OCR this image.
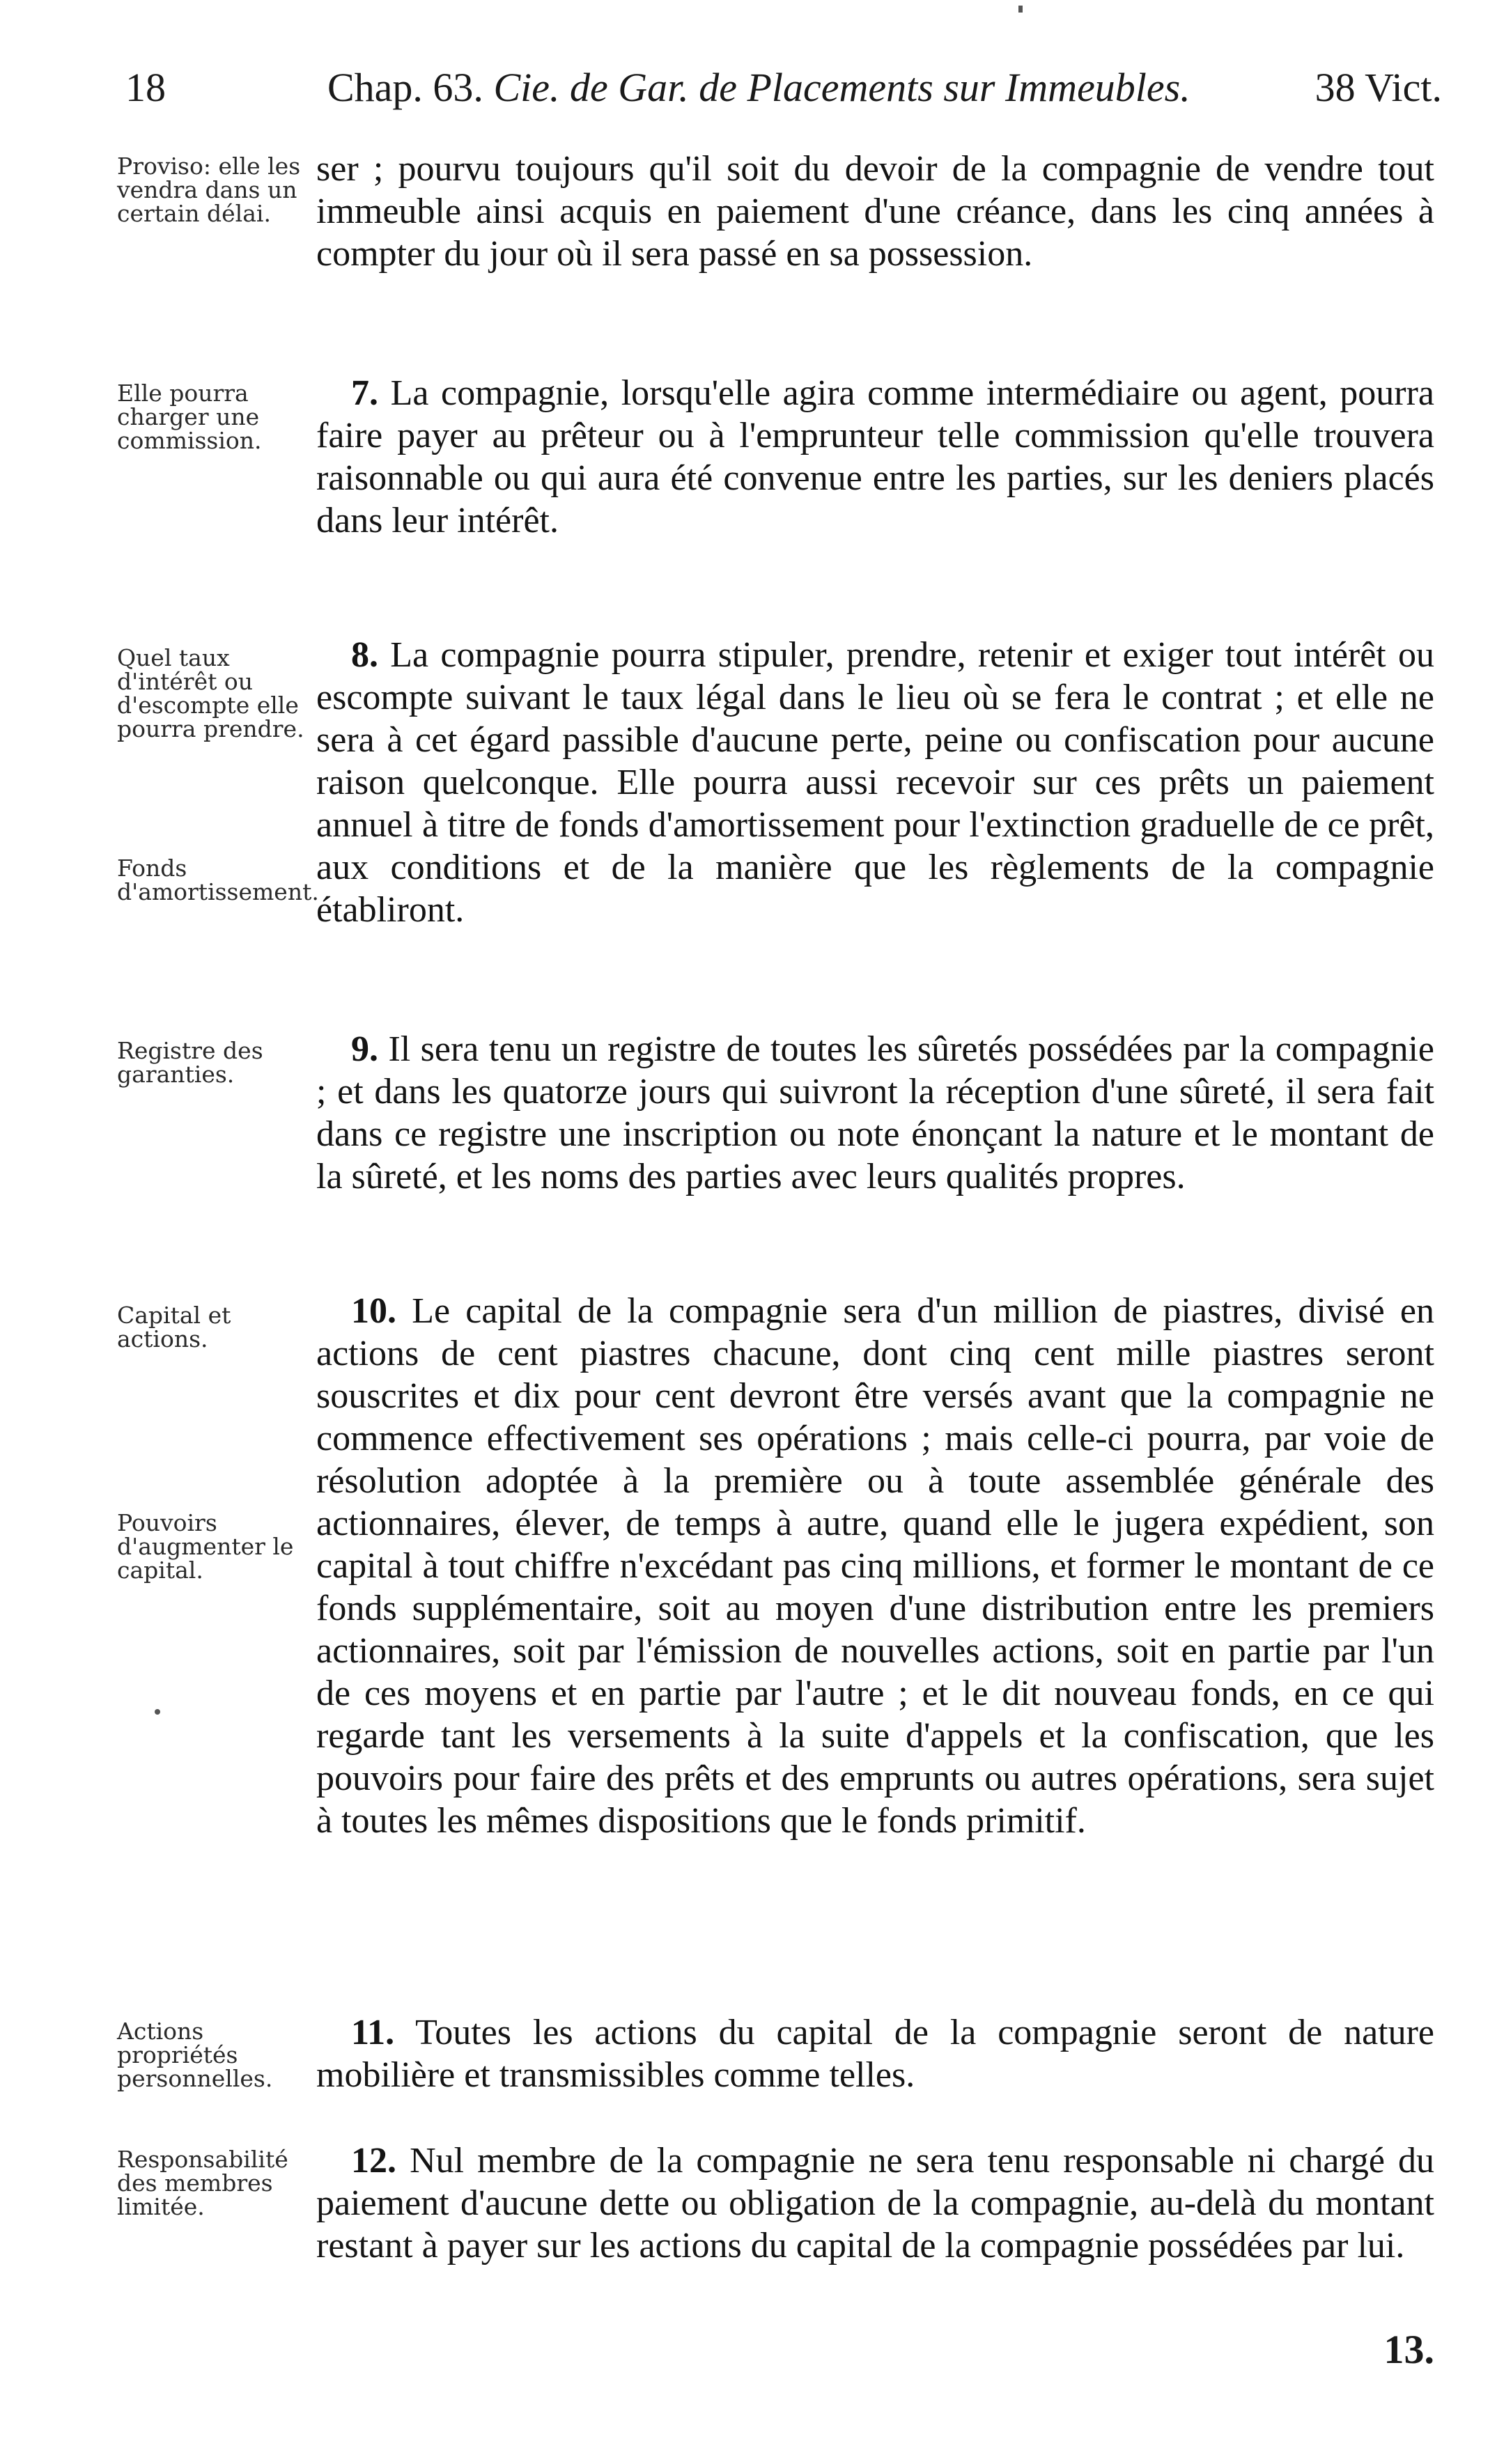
18	Chap. 63. Cie. de Gar. de Placements sur Immeubles.	38 Vict.
Proviso: elle les vendra dans un certain délai.
ser ; pourvu toujours qu'il soit du devoir de la compagnie de vendre tout immeuble ainsi acquis en paiement d'une créance, dans les cinq années à compter du jour où il sera passé en sa possession.
Elle pourra charger une commission.
7. La compagnie, lorsqu'elle agira comme intermédiaire ou agent, pourra faire payer au prêteur ou à l'emprunteur telle commission qu'elle trouvera raisonnable ou qui aura été convenue entre les parties, sur les deniers placés dans leur intérêt.
Quel taux d'intérêt ou d'escompte elle pourra prendre.
Fonds d'amortissement.
8. La compagnie pourra stipuler, prendre, retenir et exiger tout intérêt ou escompte suivant le taux légal dans le lieu où se fera le contrat ; et elle ne sera à cet égard passible d'aucune perte, peine ou confiscation pour aucune raison quelconque. Elle pourra aussi recevoir sur ces prêts un paiement annuel à titre de fonds d'amortissement pour l'extinction graduelle de ce prêt, aux conditions et de la manière que les règlements de la compagnie établiront.
Registre des garanties.
9. Il sera tenu un registre de toutes les sûretés possédées par la compagnie ; et dans les quatorze jours qui suivront la réception d'une sûreté, il sera fait dans ce registre une inscription ou note énonçant la nature et le montant de la sûreté, et les noms des parties avec leurs qualités propres.
Capital et actions.
Pouvoirs d'augmenter le capital.
10. Le capital de la compagnie sera d'un million de piastres, divisé en actions de cent piastres chacune, dont cinq cent mille piastres seront souscrites et dix pour cent devront être versés avant que la compagnie ne commence effectivement ses opérations ; mais celle-ci pourra, par voie de résolution adoptée à la première ou à toute assemblée générale des actionnaires, élever, de temps à autre, quand elle le jugera expédient, son capital à tout chiffre n'excédant pas cinq millions, et former le montant de ce fonds supplémentaire, soit au moyen d'une distribution entre les premiers actionnaires, soit par l'émission de nouvelles actions, soit en partie par l'un de ces moyens et en partie par l'autre ; et le dit nouveau fonds, en ce qui regarde tant les versements à la suite d'appels et la confiscation, que les pouvoirs pour faire des prêts et des emprunts ou autres opérations, sera sujet à toutes les mêmes dispositions que le fonds primitif.
Actions propriétés personnelles.
11. Toutes les actions du capital de la compagnie seront de nature mobilière et transmissibles comme telles.
Responsabilité des membres limitée.
12. Nul membre de la compagnie ne sera tenu responsable ni chargé du paiement d'aucune dette ou obligation de la compagnie, au-delà du montant restant à payer sur les actions du capital de la compagnie possédées par lui.
13.
